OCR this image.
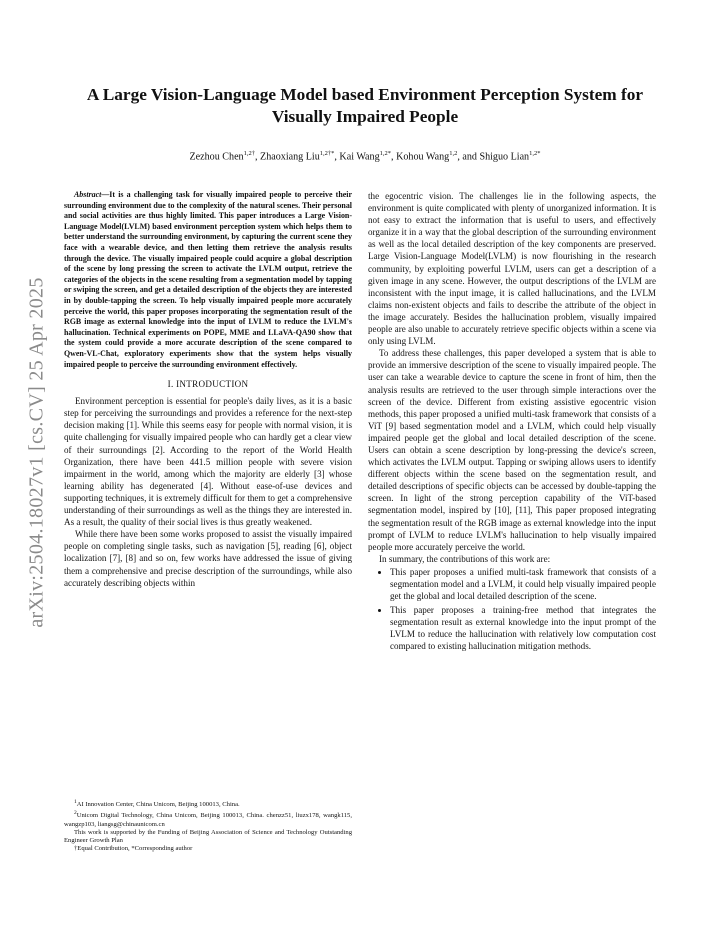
arXiv:2504.18027v1 [cs.CV] 25 Apr 2025
A Large Vision-Language Model based Environment Perception System for Visually Impaired People
Zezhou Chen$^{1,2\dagger}$, Zhaoxiang Liu$^{1,2\dagger*}$, Kai Wang$^{1,2*}$, Kohou Wang$^{1,2}$, and Shiguo Lian$^{1,2*}$

Abstract—It is a challenging task for visually impaired people to perceive their surrounding environment due to the complexity of the natural scenes. Their personal and social activities are thus highly limited. This paper introduces a Large Vision-Language Model(LVLM) based environment perception system which helps them to better understand the surrounding environment, by capturing the current scene they face with a wearable device, and then letting them retrieve the analysis results through the device. The visually impaired people could acquire a global description of the scene by long pressing the screen to activate the LVLM output, retrieve the categories of the objects in the scene resulting from a segmentation model by tapping or swiping the screen, and get a detailed description of the objects they are interested in by double-tapping the screen. To help visually impaired people more accurately perceive the world, this paper proposes incorporating the segmentation result of the RGB image as external knowledge into the input of LVLM to reduce the LVLM's hallucination. Technical experiments on POPE, MME and LLaVA-QA90 show that the system could provide a more accurate description of the scene compared to Qwen-VL-Chat, exploratory experiments show that the system helps visually impaired people to perceive the surrounding environment effectively.

I. INTRODUCTION

Environment perception is essential for people's daily lives, as it is a basic step for perceiving the surroundings and provides a reference for the next-step decision making [1]. While this seems easy for people with normal vision, it is quite challenging for visually impaired people who can hardly get a clear view of their surroundings [2]. According to the report of the World Health Organization, there have been 441.5 million people with severe vision impairment in the world, among which the majority are elderly [3] whose learning ability has degenerated [4]. Without ease-of-use devices and supporting techniques, it is extremely difficult for them to get a comprehensive understanding of their surroundings as well as the things they are interested in. As a result, the quality of their social lives is thus greatly weakened.

While there have been some works proposed to assist the visually impaired people on completing single tasks, such as navigation [5], reading [6], object localization [7], [8] and so on, few works have addressed the issue of giving them a comprehensive and precise description of the surroundings, while also accurately describing objects within

the egocentric vision. The challenges lie in the following aspects, the environment is quite complicated with plenty of unorganized information. It is not easy to extract the information that is useful to users, and effectively organize it in a way that the global description of the surrounding environment as well as the local detailed description of the key components are preserved. Large Vision-Language Model(LVLM) is now flourishing in the research community, by exploiting powerful LVLM, users can get a description of a given image in any scene. However, the output descriptions of the LVLM are inconsistent with the input image, it is called hallucinations, and the LVLM claims non-existent objects and fails to describe the attribute of the object in the image accurately. Besides the hallucination problem, visually impaired people are also unable to accurately retrieve specific objects within a scene via only using LVLM.

To address these challenges, this paper developed a system that is able to provide an immersive description of the scene to visually impaired people. The user can take a wearable device to capture the scene in front of him, then the analysis results are retrieved to the user through simple interactions over the screen of the device. Different from existing assistive egocentric vision methods, this paper proposed a unified multi-task framework that consists of a ViT [9] based segmentation model and a LVLM, which could help visually impaired people get the global and local detailed description of the scene. Users can obtain a scene description by long-pressing the device's screen, which activates the LVLM output. Tapping or swiping allows users to identify different objects within the scene based on the segmentation result, and detailed descriptions of specific objects can be accessed by double-tapping the screen. In light of the strong perception capability of the ViT-based segmentation model, inspired by [10], [11], This paper proposed integrating the segmentation result of the RGB image as external knowledge into the input prompt of LVLM to reduce LVLM's hallucination to help visually impaired people more accurately perceive the world.

In summary, the contributions of this work are:

• This paper proposes a unified multi-task framework that consists of a segmentation model and a LVLM, it could help visually impaired people get the global and local detailed description of the scene.
• This paper proposes a training-free method that integrates the segmentation result as external knowledge into the input prompt of the LVLM to reduce the hallucination with relatively low computation cost compared to existing hallucination mitigation methods.

$^1$AI Innovation Center, China Unicom, Beijing 100013, China.

$^2$Unicom Digital Technology, China Unicom, Beijing 100013, China. chenzz51, liuzx178, wangk115, wangzp103, liangsg@chinaunicom.cn

This work is supported by the Funding of Beijing Association of Science and Technology Outstanding Engineer Growth Plan

†Equal Contribution, *Corresponding author
